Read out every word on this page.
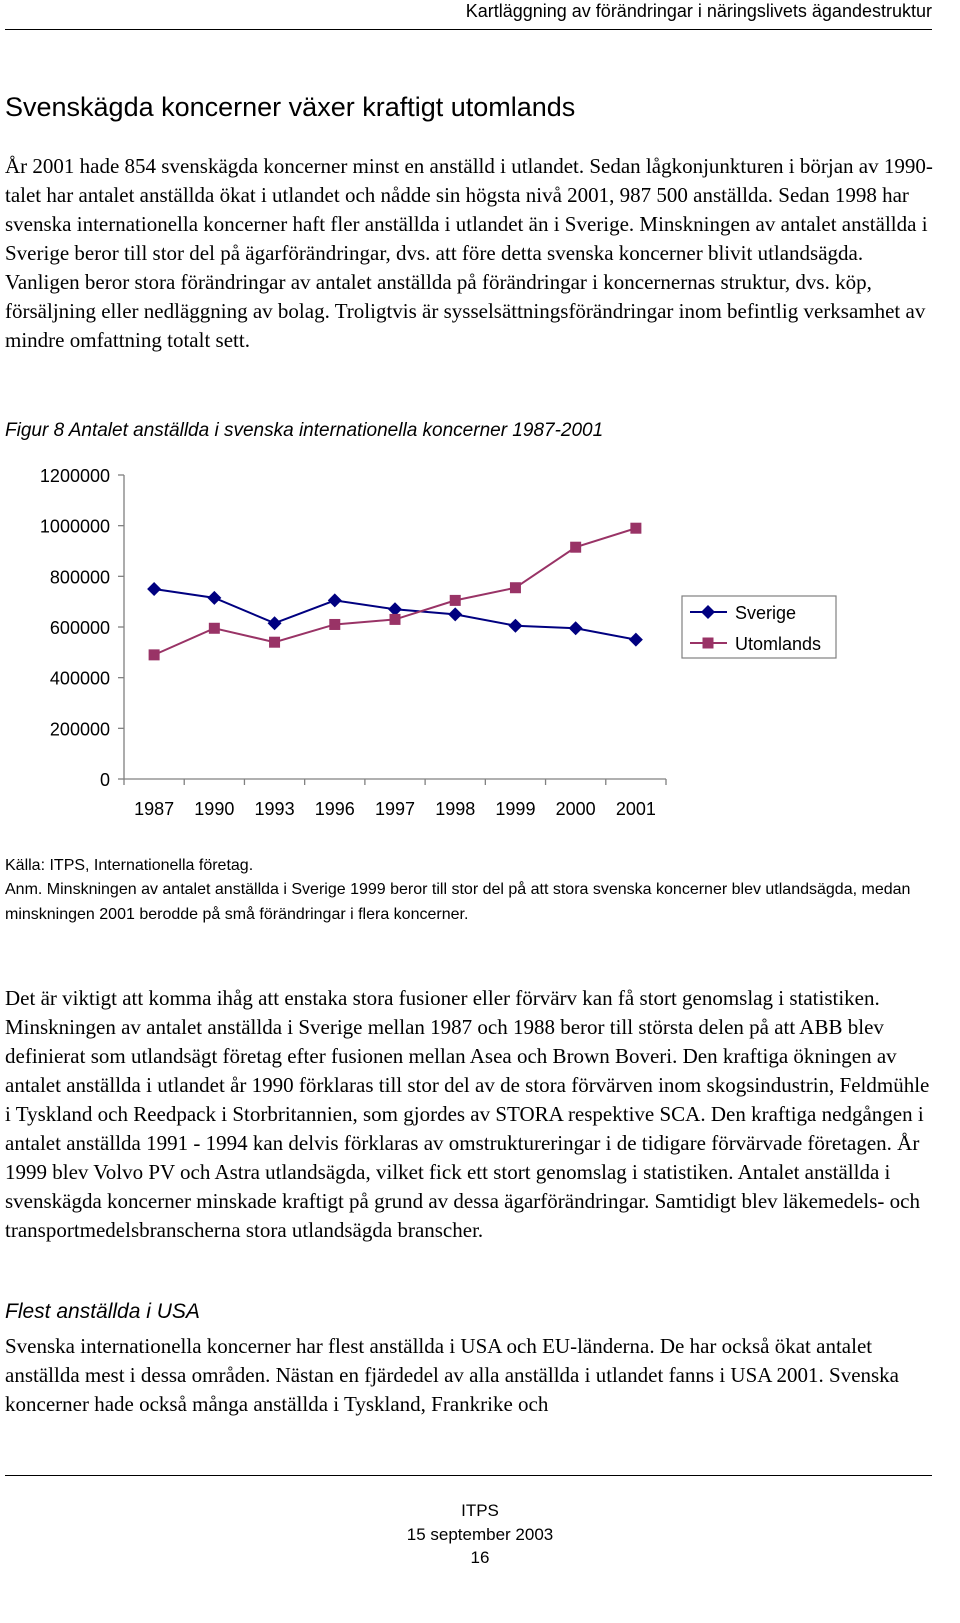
Kartläggning av förändringar i näringslivets ägandestruktur
Svenskägda koncerner växer kraftigt utomlands

År 2001 hade 854 svenskägda koncerner minst en anställd i utlandet. Sedan lågkonjunkturen i början av 1990-talet har antalet anställda ökat i utlandet och nådde sin högsta nivå 2001, 987 500 anställda. Sedan 1998 har svenska internationella koncerner haft fler anställda i utlandet än i Sverige. Minskningen av antalet anställda i Sverige beror till stor del på ägarförändringar, dvs. att före detta svenska koncerner blivit utlandsägda. Vanligen beror stora förändringar av antalet anställda på förändringar i koncernernas struktur, dvs. köp, försäljning eller nedläggning av bolag. Troligtvis är sysselsättningsförändringar inom befintlig verksamhet av mindre omfattning totalt sett.

Figur 8 Antalet anställda i svenska internationella koncerner 1987-2001
0
200000
400000
600000
800000
1000000
1200000
1987 1990 1993 1996 1997 1998 1999 2000 2001
Sverige
Utomlands
Källa: ITPS, Internationella företag.
Anm. Minskningen av antalet anställda i Sverige 1999 beror till stor del på att stora svenska koncerner blev utlandsägda, medan minskningen 2001 berodde på små förändringar i flera koncerner.

Det är viktigt att komma ihåg att enstaka stora fusioner eller förvärv kan få stort genomslag i statistiken. Minskningen av antalet anställda i Sverige mellan 1987 och 1988 beror till största delen på att ABB blev definierat som utlandsägt företag efter fusionen mellan Asea och Brown Boveri. Den kraftiga ökningen av antalet anställda i utlandet år 1990 förklaras till stor del av de stora förvärven inom skogsindustrin, Feldmühle i Tyskland och Reedpack i Storbritannien, som gjordes av STORA respektive SCA. Den kraftiga nedgången i antalet anställda 1991 - 1994 kan delvis förklaras av omstruktureringar i de tidigare förvärvade företagen. År 1999 blev Volvo PV och Astra utlandsägda, vilket fick ett stort genomslag i statistiken. Antalet anställda i svenskägda koncerner minskade kraftigt på grund av dessa ägarförändringar. Samtidigt blev läkemedels- och transportmedelsbranscherna stora utlandsägda branscher.

Flest anställda i USA

Svenska internationella koncerner har flest anställda i USA och EU-länderna. De har också ökat antalet anställda mest i dessa områden. Nästan en fjärdedel av alla anställda i utlandet fanns i USA 2001. Svenska koncerner hade också många anställda i Tyskland, Frankrike och

ITPS
15 september 2003
16
